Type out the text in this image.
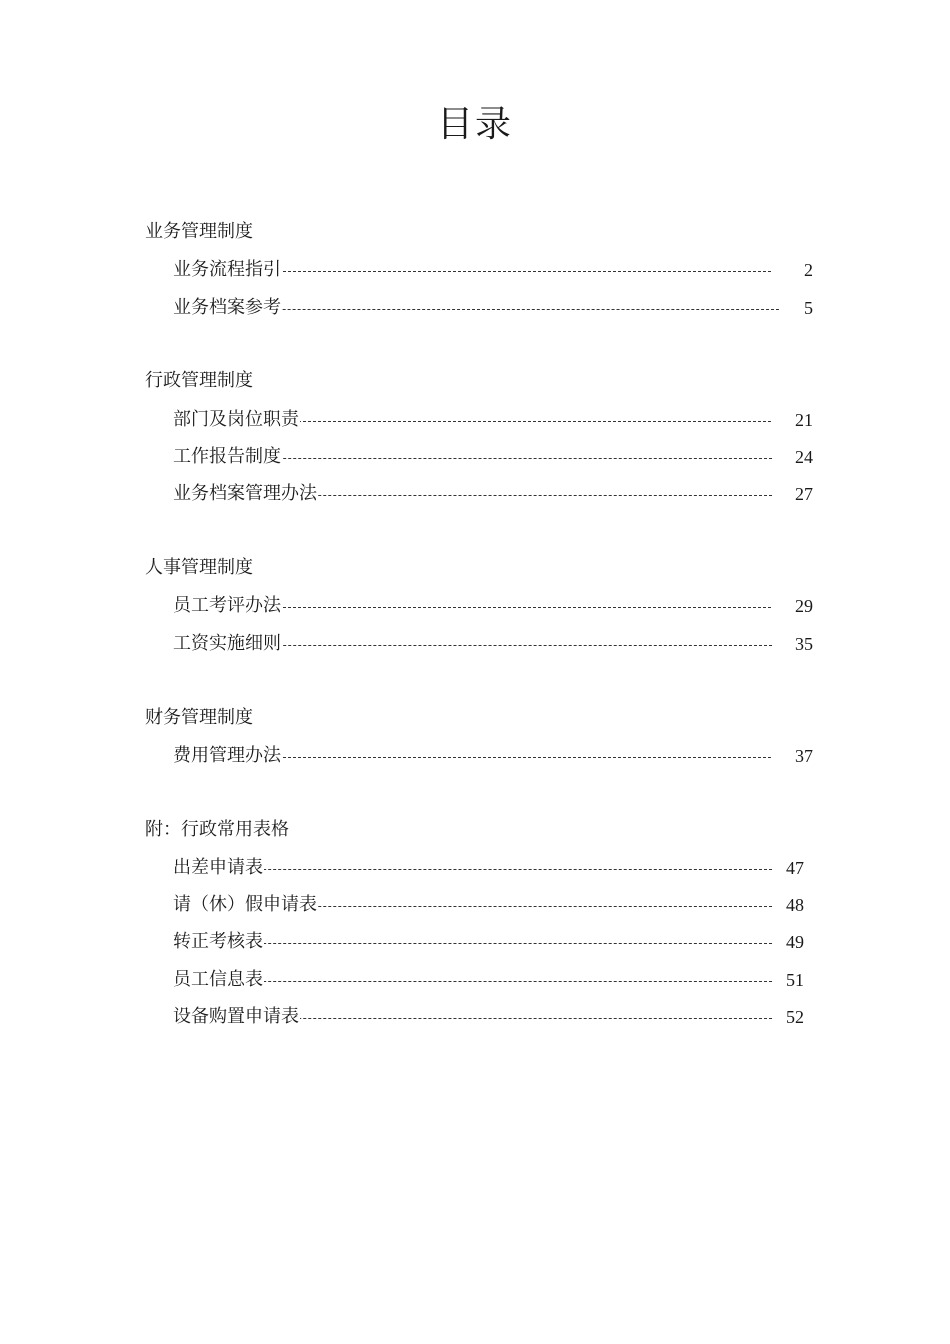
目录
业务管理制度
业务流程指引	2
业务档案参考	5
行政管理制度
部门及岗位职责	21
工作报告制度	24
业务档案管理办法	27
人事管理制度
员工考评办法	29
工资实施细则	35
财务管理制度
费用管理办法	37
附：行政常用表格
出差申请表	47
请（休）假申请表	48
转正考核表	49
员工信息表	51
设备购置申请表	52
